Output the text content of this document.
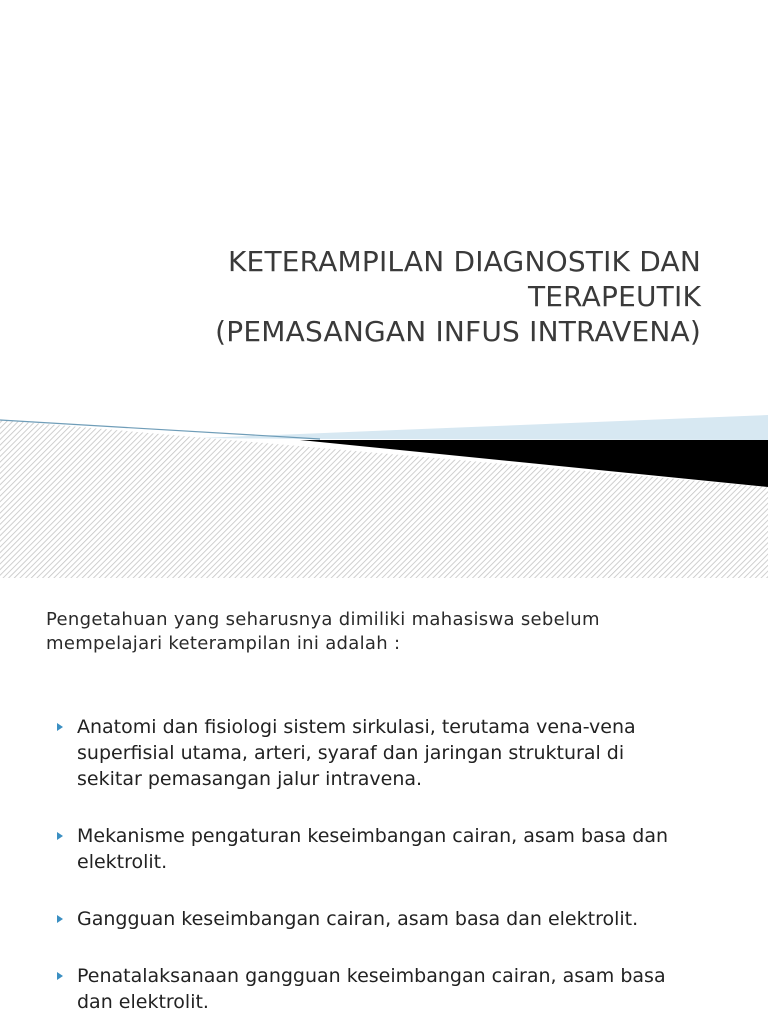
KETERAMPILAN DIAGNOSTIK DAN
TERAPEUTIK
(PEMASANGAN INFUS INTRAVENA)
Pengetahuan yang seharusnya dimiliki mahasiswa sebelum
mempelajari keterampilan ini adalah :
Anatomi dan fisiologi sistem sirkulasi, terutama vena-vena
superfisial utama, arteri, syaraf dan jaringan struktural di
sekitar pemasangan jalur intravena.
Mekanisme pengaturan keseimbangan cairan, asam basa dan
elektrolit.
Gangguan keseimbangan cairan, asam basa dan elektrolit.
Penatalaksanaan gangguan keseimbangan cairan, asam basa
dan elektrolit.
